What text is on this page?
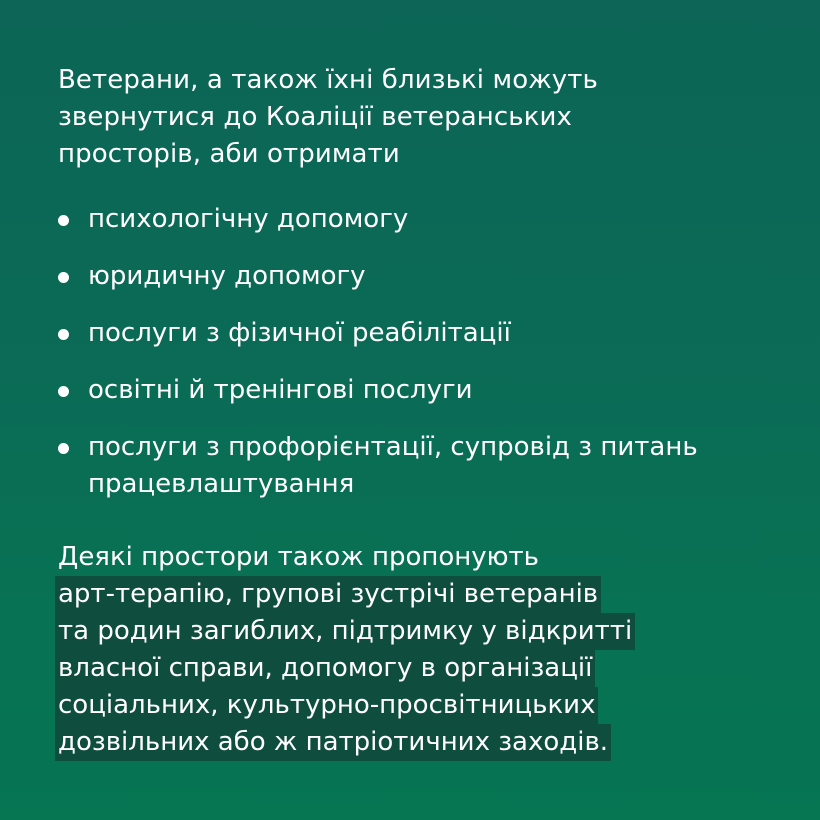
Ветерани, а також їхні близькі можуть
звернутися до Коаліції ветеранських
просторів, аби отримати

психологічну допомогу
юридичну допомогу
послуги з фізичної реабілітації
освітні й тренінгові послуги
послуги з профорієнтації, супровід з питань працевлаштування
Деякі простори також пропонують
арт-терапію, групові зустрічі ветеранів
та родин загиблих, підтримку у відкритті
власної справи, допомогу в організації
соціальних, культурно-просвітницьких
дозвільних або ж патріотичних заходів.
